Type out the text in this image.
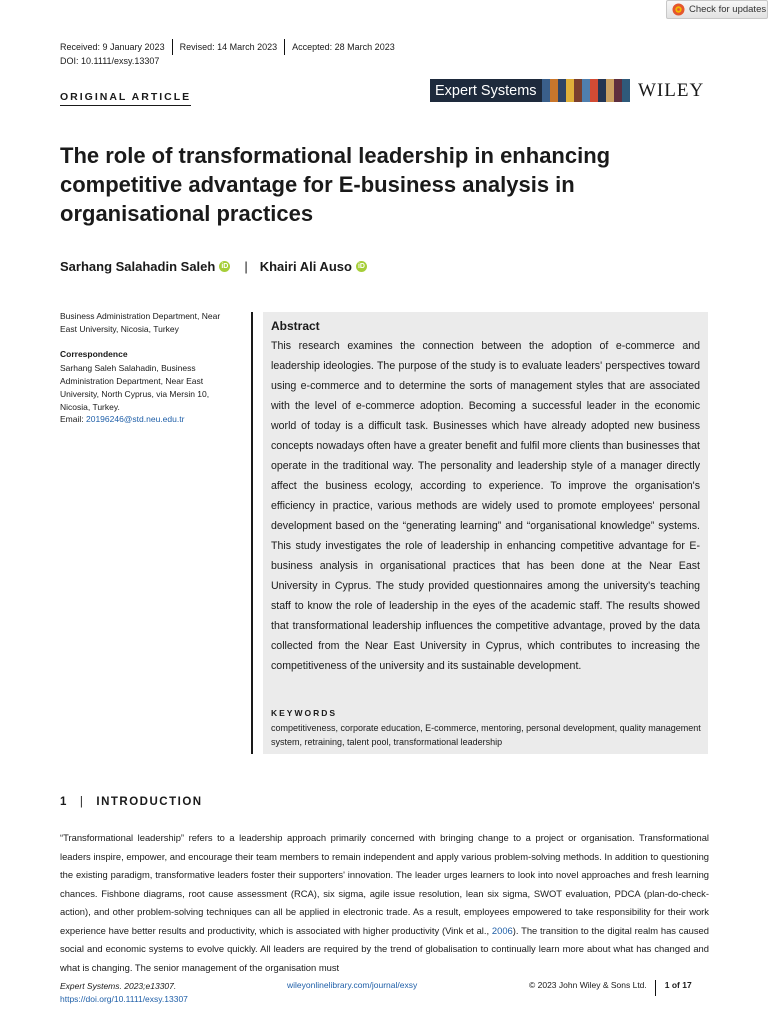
Check for updates
Received: 9 January 2023 Revised: 14 March 2023 Accepted: 28 March 2023
DOI: 10.1111/exsy.13307
ORIGINAL ARTICLE	Expert Systems	WILEY
The role of transformational leadership in enhancing competitive advantage for E-business analysis in organisational practices
Sarhang Salahadin Saleh iD | Khairi Ali Auso iD
Business Administration Department, Near East University, Nicosia, Turkey
Correspondence
Sarhang Saleh Salahadin, Business Administration Department, Near East University, North Cyprus, via Mersin 10, Nicosia, Turkey.
Email: 20196246@std.neu.edu.tr
Abstract
This research examines the connection between the adoption of e-commerce and leadership ideologies. The purpose of the study is to evaluate leaders' perspectives toward using e-commerce and to determine the sorts of management styles that are associated with the level of e-commerce adoption. Becoming a successful leader in the economic world of today is a difficult task. Businesses which have already adopted new business concepts nowadays often have a greater benefit and fulfil more clients than businesses that operate in the traditional way. The personality and leadership style of a manager directly affect the business ecology, according to experience. To improve the organisation's efficiency in practice, various methods are widely used to promote employees' personal development based on the “generating learning” and “organisational knowledge” systems. This study investigates the role of leadership in enhancing competitive advantage for E-business analysis in organisational practices that has been done at the Near East University in Cyprus. The study provided questionnaires among the university's teaching staff to know the role of leadership in the eyes of the academic staff. The results showed that transformational leadership influences the competitive advantage, proved by the data collected from the Near East University in Cyprus, which contributes to increasing the competitiveness of the university and its sustainable development.
KEYWORDS
competitiveness, corporate education, E-commerce, mentoring, personal development, quality management system, retraining, talent pool, transformational leadership
1 | INTRODUCTION
“Transformational leadership” refers to a leadership approach primarily concerned with bringing change to a project or organisation. Transformational leaders inspire, empower, and encourage their team members to remain independent and apply various problem-solving methods. In addition to questioning the existing paradigm, transformative leaders foster their supporters' innovation. The leader urges learners to look into novel approaches and fresh learning chances. Fishbone diagrams, root cause assessment (RCA), six sigma, agile issue resolution, lean six sigma, SWOT evaluation, PDCA (plan-do-check-action), and other problem-solving techniques can all be applied in electronic trade. As a result, employees empowered to take responsibility for their work experience have better results and productivity, which is associated with higher productivity (Vink et al., 2006). The transition to the digital realm has caused social and economic systems to evolve quickly. All leaders are required by the trend of globalisation to continually learn more about what has changed and what is changing. The senior management of the organisation must
Expert Systems. 2023;e13307.
https://doi.org/10.1111/exsy.13307
wileyonlinelibrary.com/journal/exsy	© 2023 John Wiley & Sons Ltd. 1 of 17
